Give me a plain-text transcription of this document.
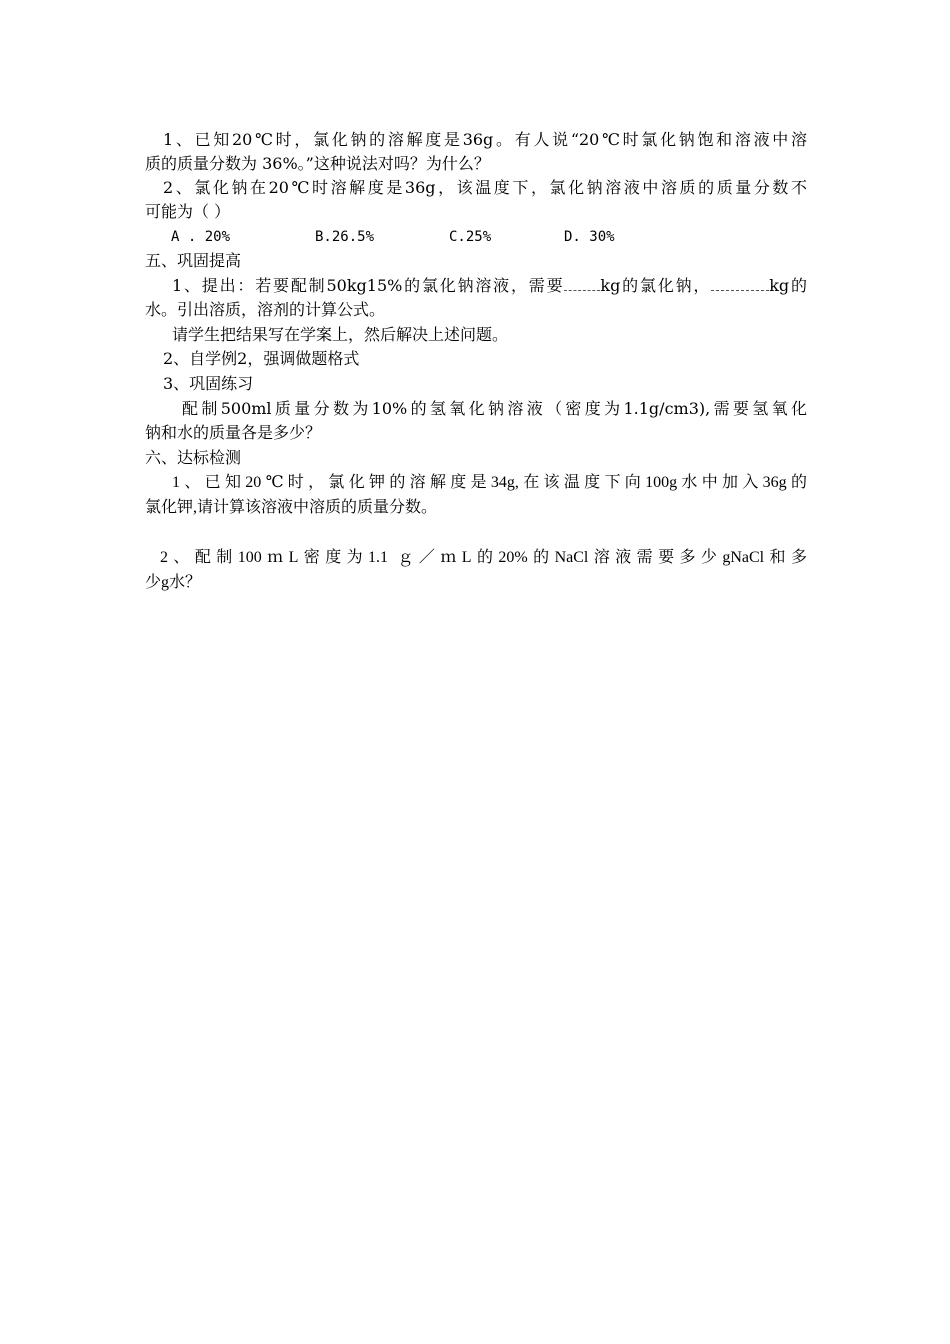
1、已知20℃时，氯化钠的溶解度是36g。有人说“20℃时氯化钠饱和溶液中溶
质的质量分数为 36%。”这种说法对吗？为什么？
2、氯化钠在20℃时溶解度是36g，该温度下，氯化钠溶液中溶质的质量分数不
可能为（ ）
A . 20%	B.26.5%	C.25%	D. 30%
五、巩固提高
1、提出：若要配制50kg15%的氯化钠溶液，需要 kg的氯化钠，	kg的
水。引出溶质，溶剂的计算公式。
请学生把结果写在学案上，然后解决上述问题。
2、自学例2，强调做题格式
3、巩固练习
配制500ml质量分数为10%的氢氧化钠溶液（密度为1.1g/cm3),需要氢氧化
钠和水的质量各是多少？
六、达标检测
1、已知20℃时，氯化钾的溶解度是34g,在该温度下向100g水中加入36g的
氯化钾,请计算该溶液中溶质的质量分数。
2、配制100ｍL密度为1.1 ｇ／ｍL的20%的NaCl溶液需要多少gNaCl和多
少g水？
